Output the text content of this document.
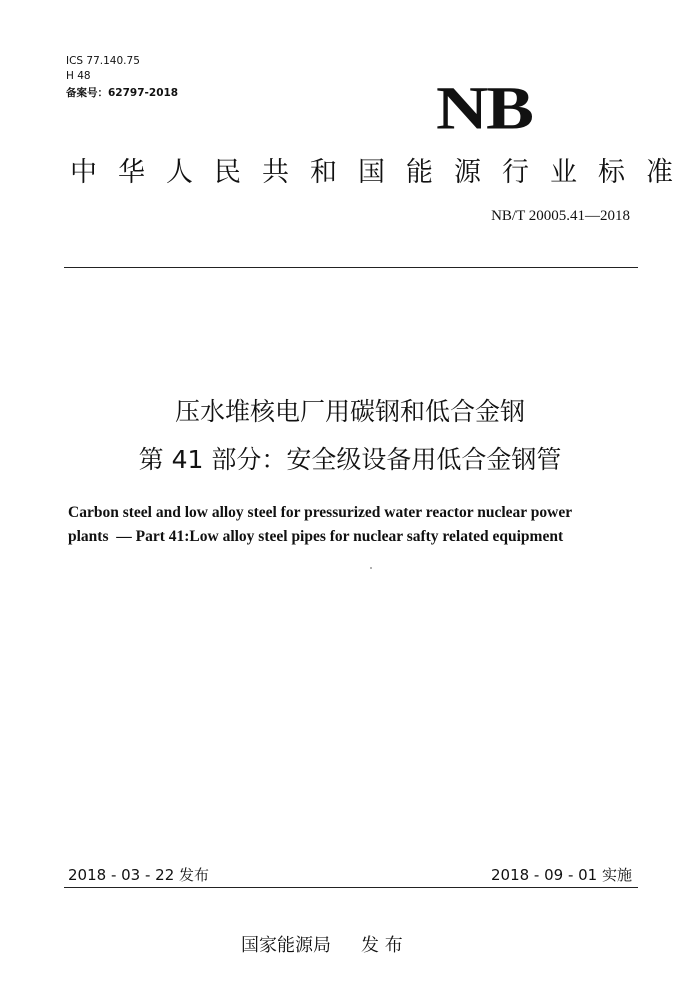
ICS 77.140.75
H 48
备案号：62797-2018	NB
中华人民共和国能源行业标准
NB/T 20005.41—2018
压水堆核电厂用碳钢和低合金钢
第 41 部分：安全级设备用低合金钢管
Carbon steel and low alloy steel for pressurized water reactor nuclear power
plants  — Part 41:Low alloy steel pipes for nuclear safty related equipment
2018 - 03 - 22 发布	2018 - 09 - 01 实施
国家能源局 发 布
